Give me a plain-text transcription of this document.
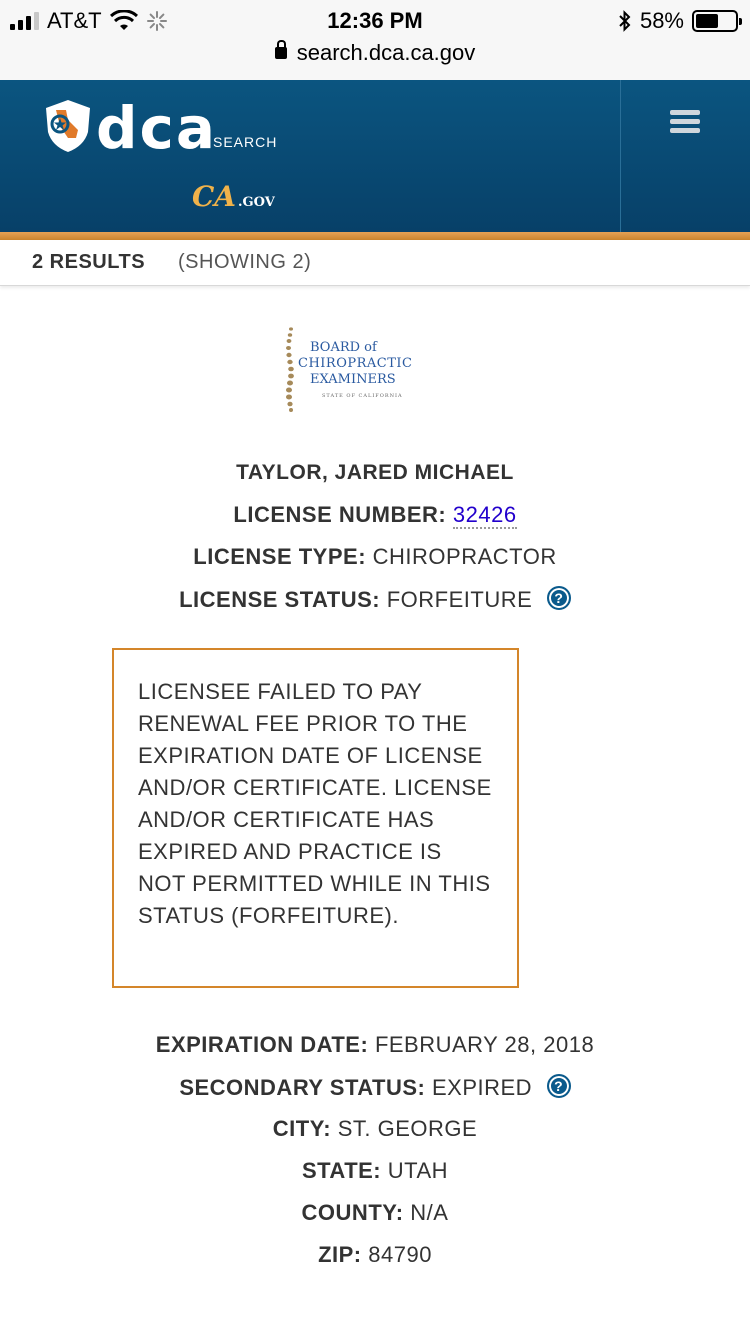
AT&T	12:36 PM	58%
search.dca.ca.gov
dca
SEARCH
CA .GOV
2 RESULTS (SHOWING 2)
BOARD of
CHIROPRACTIC
EXAMINERS
STATE OF CALIFORNIA
TAYLOR, JARED MICHAEL
LICENSE NUMBER: 32426
LICENSE TYPE: CHIROPRACTOR
LICENSE STATUS: FORFEITURE ?
LICENSEE FAILED TO PAY RENEWAL FEE PRIOR TO THE EXPIRATION DATE OF LICENSE AND/OR CERTIFICATE. LICENSE AND/OR CERTIFICATE HAS EXPIRED AND PRACTICE IS NOT PERMITTED WHILE IN THIS STATUS (FORFEITURE).
EXPIRATION DATE: FEBRUARY 28, 2018
SECONDARY STATUS: EXPIRED ?
CITY: ST. GEORGE
STATE: UTAH
COUNTY: N/A
ZIP: 84790
